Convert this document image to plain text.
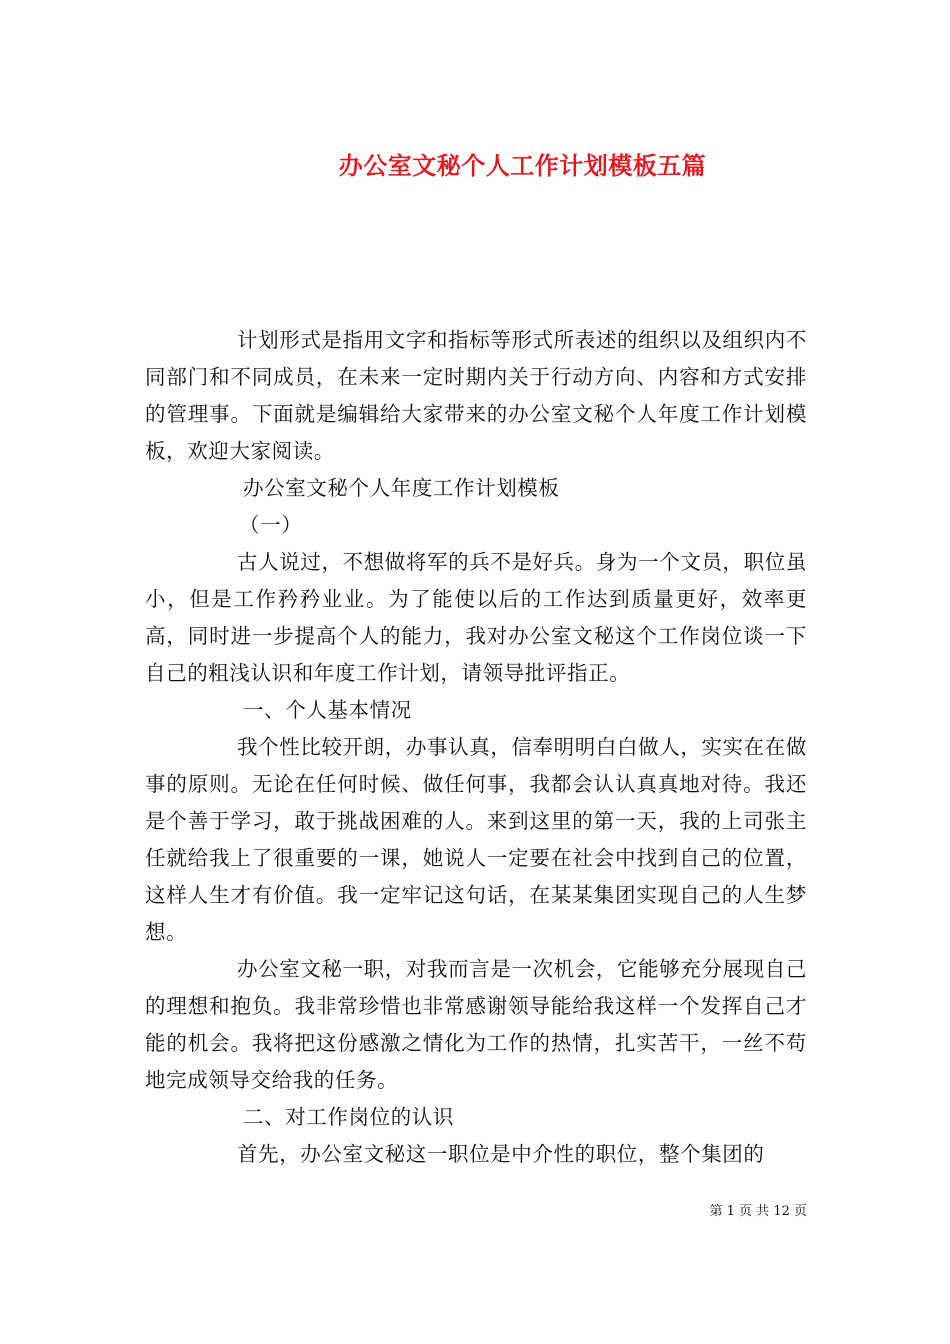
办公室文秘个人工作计划模板五篇

计划形式是指用文字和指标等形式所表述的组织以及组织内不同部门和不同成员，在未来一定时期内关于行动方向、内容和方式安排的管理事。下面就是编辑给大家带来的办公室文秘个人年度工作计划模板，欢迎大家阅读。

办公室文秘个人年度工作计划模板

（一）

古人说过，不想做将军的兵不是好兵。身为一个文员，职位虽小，但是工作矜矜业业。为了能使以后的工作达到质量更好，效率更高，同时进一步提高个人的能力，我对办公室文秘这个工作岗位谈一下自己的粗浅认识和年度工作计划，请领导批评指正。

一、个人基本情况

我个性比较开朗，办事认真，信奉明明白白做人，实实在在做事的原则。无论在任何时候、做任何事，我都会认认真真地对待。我还是个善于学习，敢于挑战困难的人。来到这里的第一天，我的上司张主任就给我上了很重要的一课，她说人一定要在社会中找到自己的位置，这样人生才有价值。我一定牢记这句话，在某某集团实现自己的人生梦想。

办公室文秘一职，对我而言是一次机会，它能够充分展现自己的理想和抱负。我非常珍惜也非常感谢领导能给我这样一个发挥自己才能的机会。我将把这份感激之情化为工作的热情，扎实苦干，一丝不苟地完成领导交给我的任务。

二、对工作岗位的认识

首先，办公室文秘这一职位是中介性的职位，整个集团的

第 1 页 共 12 页
